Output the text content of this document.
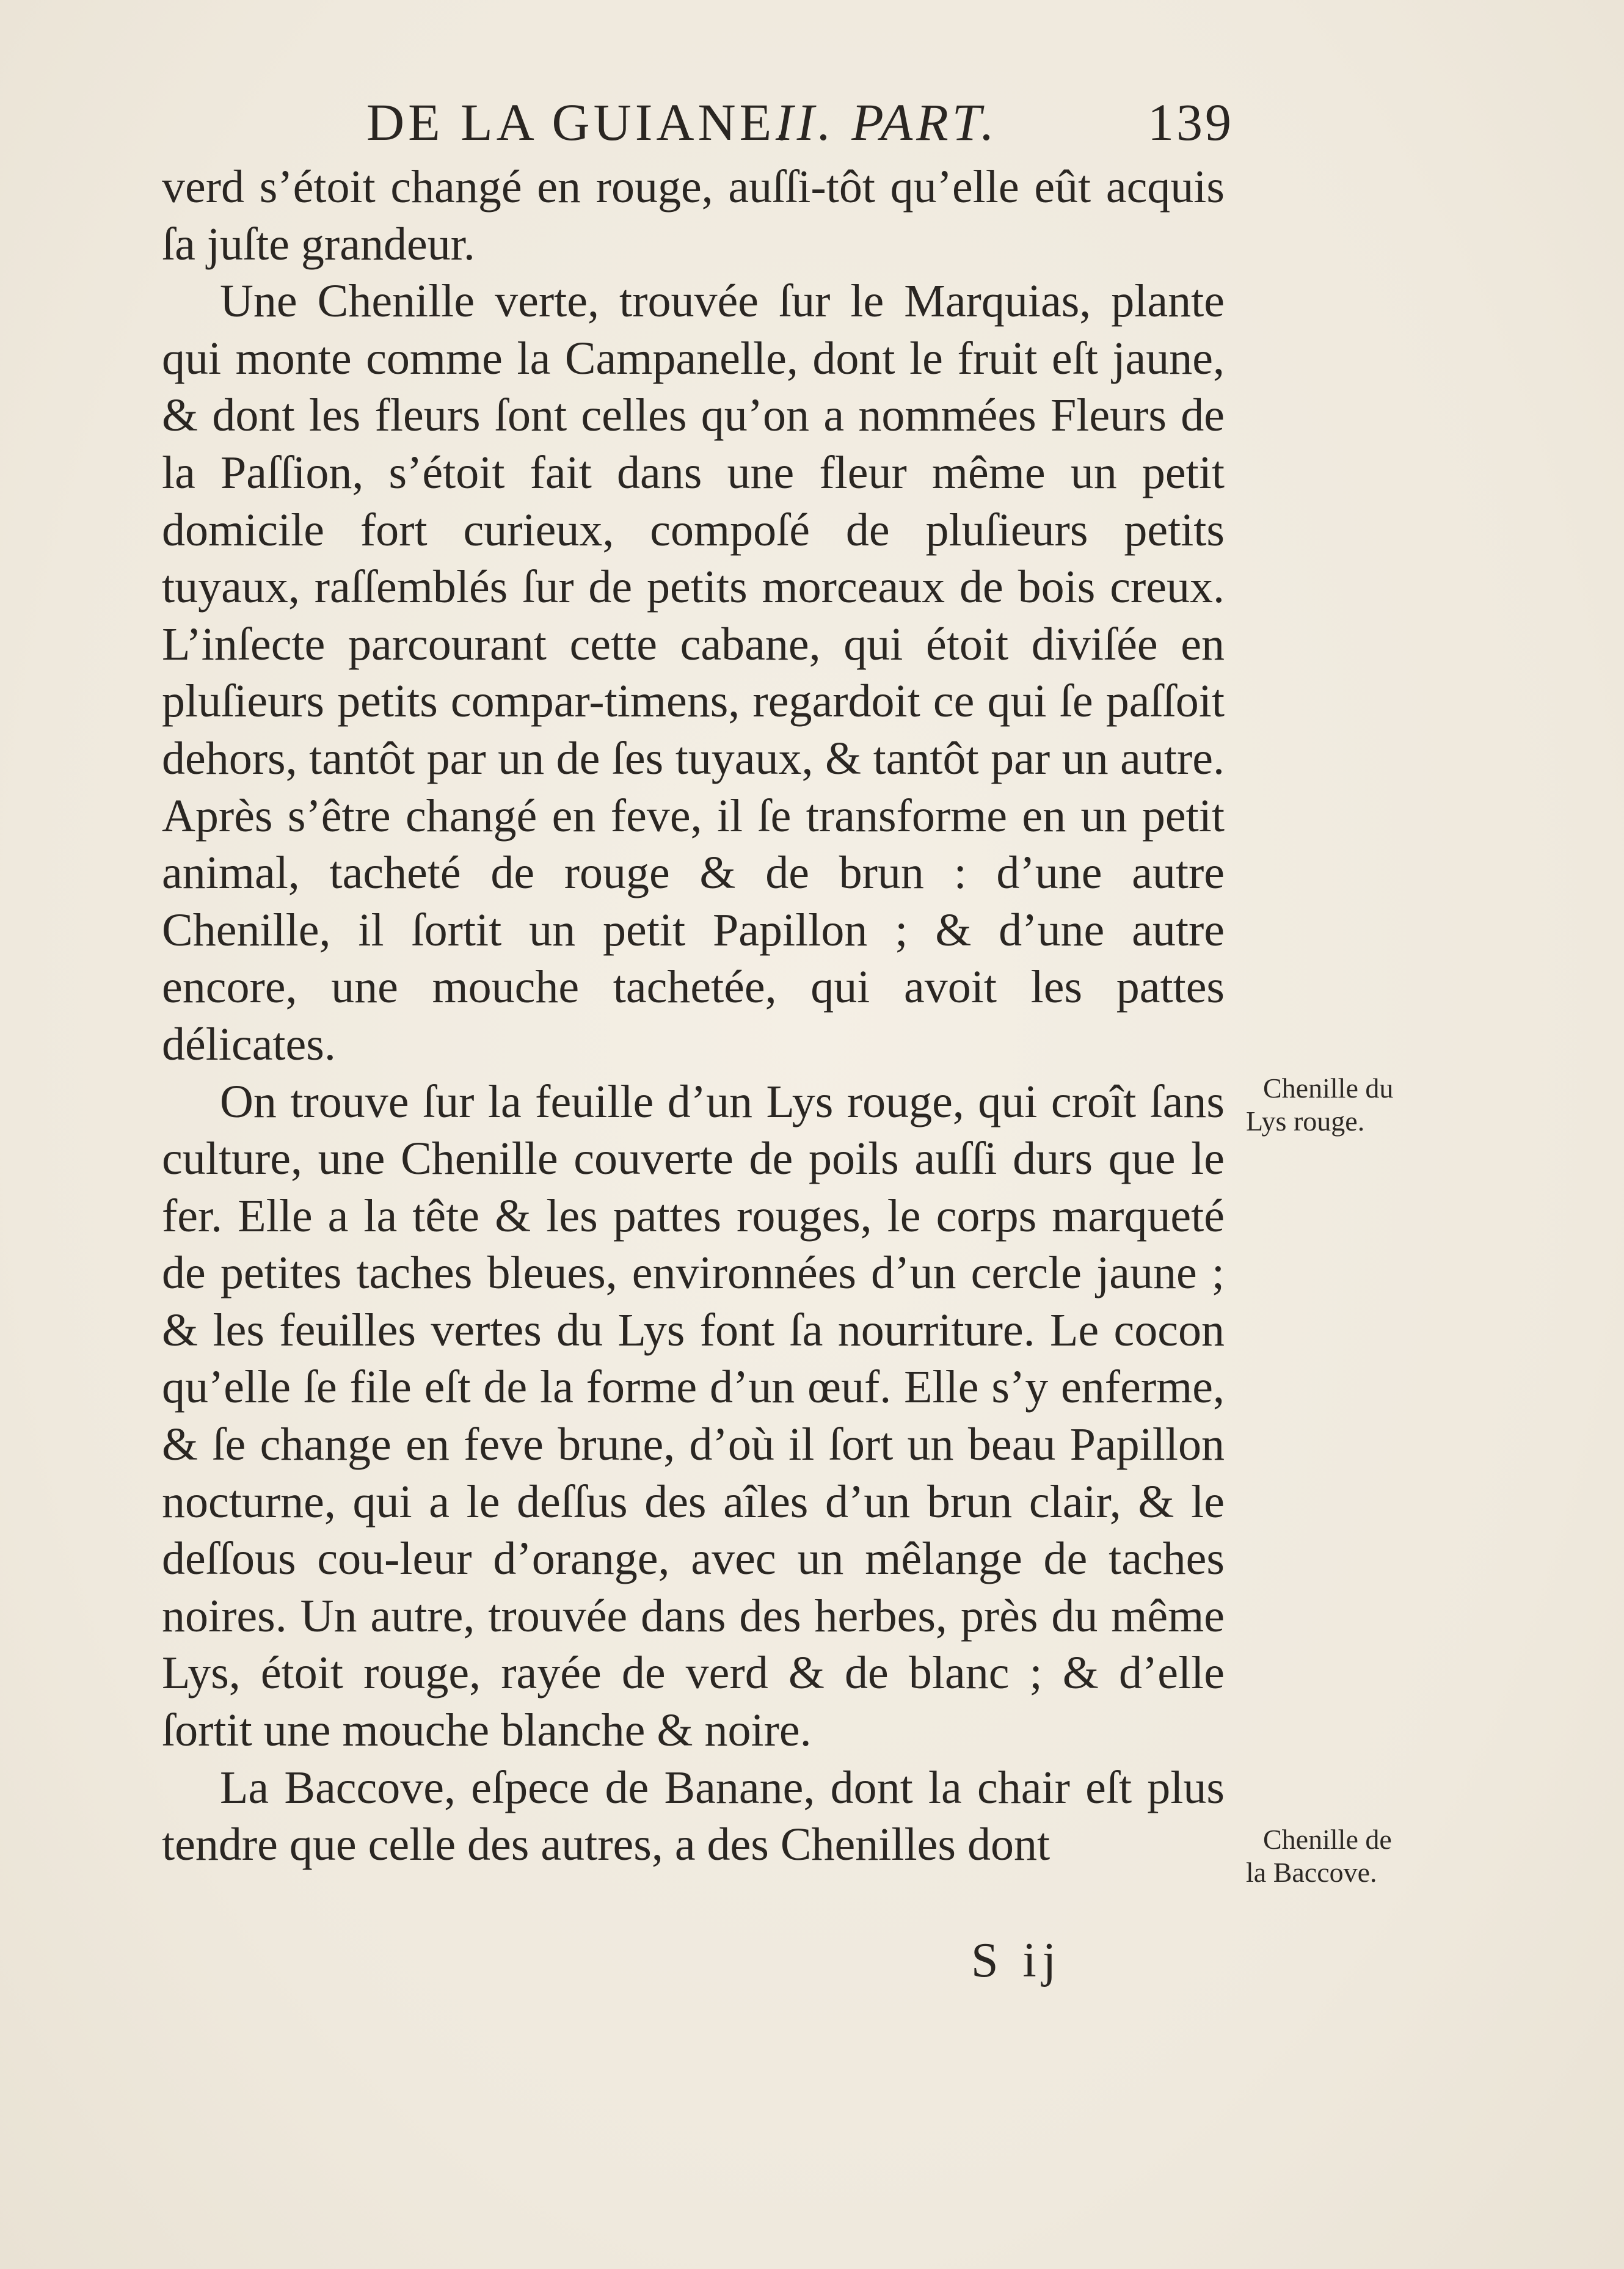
DE LA GUIANE.
II. PART.	139

verd s’étoit changé en rouge, auſſi-tôt qu’elle eût acquis ſa juſte grandeur.

Une Chenille verte, trouvée ſur le Marquias, plante qui monte comme la Campanelle, dont le fruit eſt jaune, & dont les fleurs ſont celles qu’on a nommées Fleurs de la Paſſion, s’étoit fait dans une fleur même un petit domicile fort curieux, compoſé de pluſieurs petits tuyaux, raſſemblés ſur de petits morceaux de bois creux. L’inſecte parcourant cette cabane, qui étoit diviſée en pluſieurs petits compar-timens, regardoit ce qui ſe paſſoit dehors, tantôt par un de ſes tuyaux, & tantôt par un autre. Après s’être changé en feve, il ſe transforme en un petit animal, tacheté de rouge & de brun : d’une autre Chenille, il ſortit un petit Papillon ; & d’une autre encore, une mouche tachetée, qui avoit les pattes délicates.

On trouve ſur la feuille d’un Lys rouge, qui croît ſans culture, une Chenille couverte de poils auſſi durs que le fer. Elle a la tête & les pattes rouges, le corps marqueté de petites taches bleues, environnées d’un cercle jaune ; & les feuilles vertes du Lys font ſa nourriture. Le cocon qu’elle ſe file eſt de la forme d’un œuf. Elle s’y enferme, & ſe change en feve brune, d’où il ſort un beau Papillon nocturne, qui a le deſſus des aîles d’un brun clair, & le deſſous cou-leur d’orange, avec un mêlange de taches noires. Un autre, trouvée dans des herbes, près du même Lys, étoit rouge, rayée de verd & de blanc ; & d’elle ſortit une mouche blanche & noire.

La Baccove, eſpece de Banane, dont la chair eſt plus tendre que celle des autres, a des Chenilles dont

Chenille du
Lys rouge.
Chenille de
la Baccove.
S ij
